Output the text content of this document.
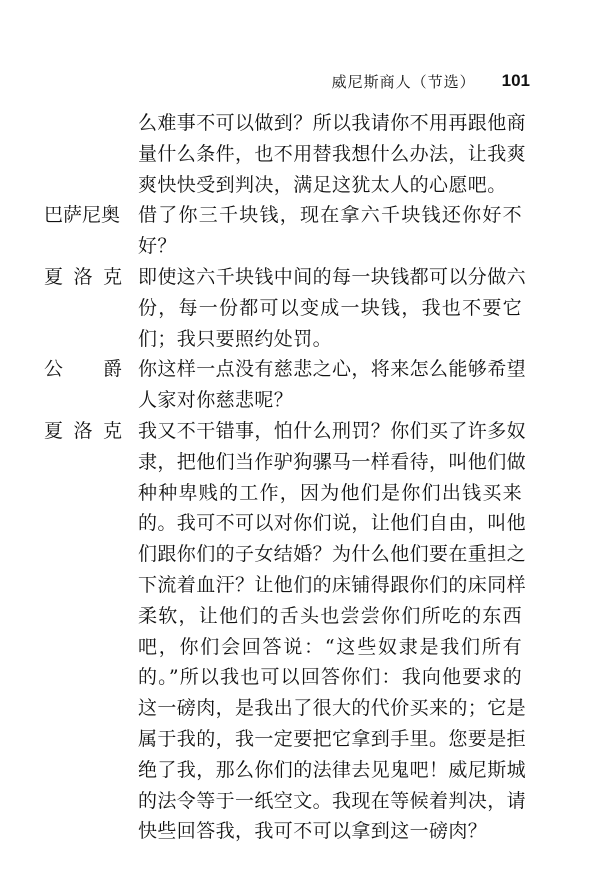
威尼斯商人（节选） 101
么难事不可以做到？所以我请你不用再跟他商
量什么条件，也不用替我想什么办法，让我爽
爽快快受到判决，满足这犹太人的心愿吧。
巴萨尼奥 借了你三千块钱，现在拿六千块钱还你好不
好？
夏 洛 克 即使这六千块钱中间的每一块钱都可以分做六
份，每一份都可以变成一块钱，我也不要它
们；我只要照约处罚。
公 爵 你这样一点没有慈悲之心，将来怎么能够希望
人家对你慈悲呢？
夏 洛 克 我又不干错事，怕什么刑罚？你们买了许多奴
隶，把他们当作驴狗骡马一样看待，叫他们做
种种卑贱的工作，因为他们是你们出钱买来
的。我可不可以对你们说，让他们自由，叫他
们跟你们的子女结婚？为什么他们要在重担之
下流着血汗？让他们的床铺得跟你们的床同样
柔软，让他们的舌头也尝尝你们所吃的东西
吧，你们会回答说：“这些奴隶是我们所有
的。”所以我也可以回答你们：我向他要求的
这一磅肉，是我出了很大的代价买来的；它是
属于我的，我一定要把它拿到手里。您要是拒
绝了我，那么你们的法律去见鬼吧！威尼斯城
的法令等于一纸空文。我现在等候着判决，请
快些回答我，我可不可以拿到这一磅肉？
